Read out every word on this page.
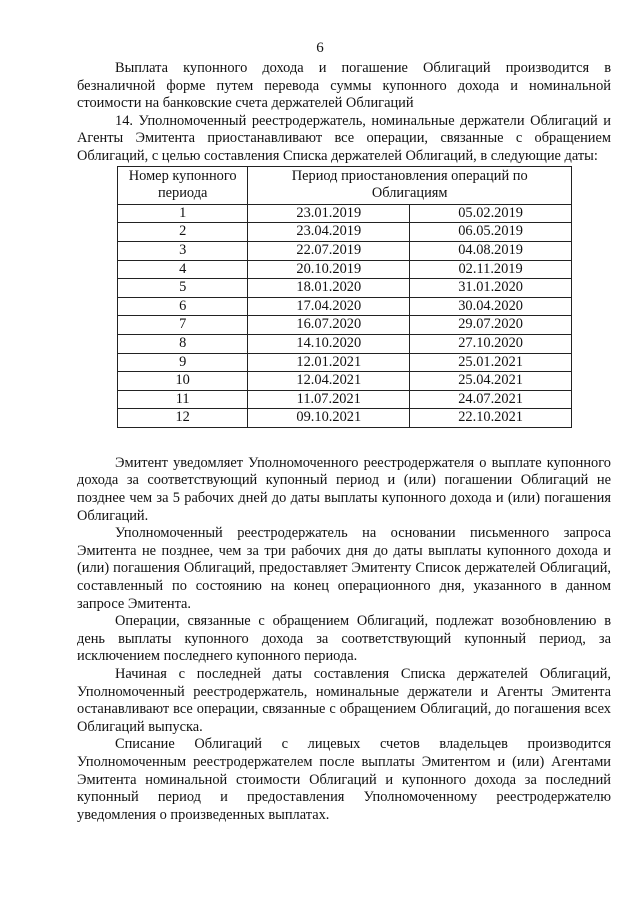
6

Выплата купонного дохода и погашение Облигаций производится в безналичной форме путем перевода суммы купонного дохода и номинальной стоимости на банковские счета держателей Облигаций

14. Уполномоченный реестродержатель, номинальные держатели Облигаций и Агенты Эмитента приостанавливают все операции, связанные с обращением Облигаций, с целью составления Списка держателей Облигаций, в следующие даты:

Номер купонного периода	Период приостановления операций по Облигациям	
1	23.01.2019	05.02.2019
2	23.04.2019	06.05.2019
3	22.07.2019	04.08.2019
4	20.10.2019	02.11.2019
5	18.01.2020	31.01.2020
6	17.04.2020	30.04.2020
7	16.07.2020	29.07.2020
8	14.10.2020	27.10.2020
9	12.01.2021	25.01.2021
10	12.04.2021	25.04.2021
11	11.07.2021	24.07.2021
12	09.10.2021	22.10.2021

Эмитент уведомляет Уполномоченного реестродержателя о выплате купонного дохода за соответствующий купонный период и (или) погашении Облигаций не позднее чем за 5 рабочих дней до даты выплаты купонного дохода и (или) погашения Облигаций.

Уполномоченный реестродержатель на основании письменного запроса Эмитента не позднее, чем за три рабочих дня до даты выплаты купонного дохода и (или) погашения Облигаций, предоставляет Эмитенту Список держателей Облигаций, составленный по состоянию на конец операционного дня, указанного в данном запросе Эмитента.

Операции, связанные с обращением Облигаций, подлежат возобновлению в день выплаты купонного дохода за соответствующий купонный период, за исключением последнего купонного периода.

Начиная с последней даты составления Списка держателей Облигаций, Уполномоченный реестродержатель, номинальные держатели и Агенты Эмитента останавливают все операции, связанные с обращением Облигаций, до погашения всех Облигаций выпуска.

Списание Облигаций с лицевых счетов владельцев производится Уполномоченным реестродержателем после выплаты Эмитентом и (или) Агентами Эмитента номинальной стоимости Облигаций и купонного дохода за последний купонный период и предоставления Уполномоченному реестродержателю уведомления о произведенных выплатах.
